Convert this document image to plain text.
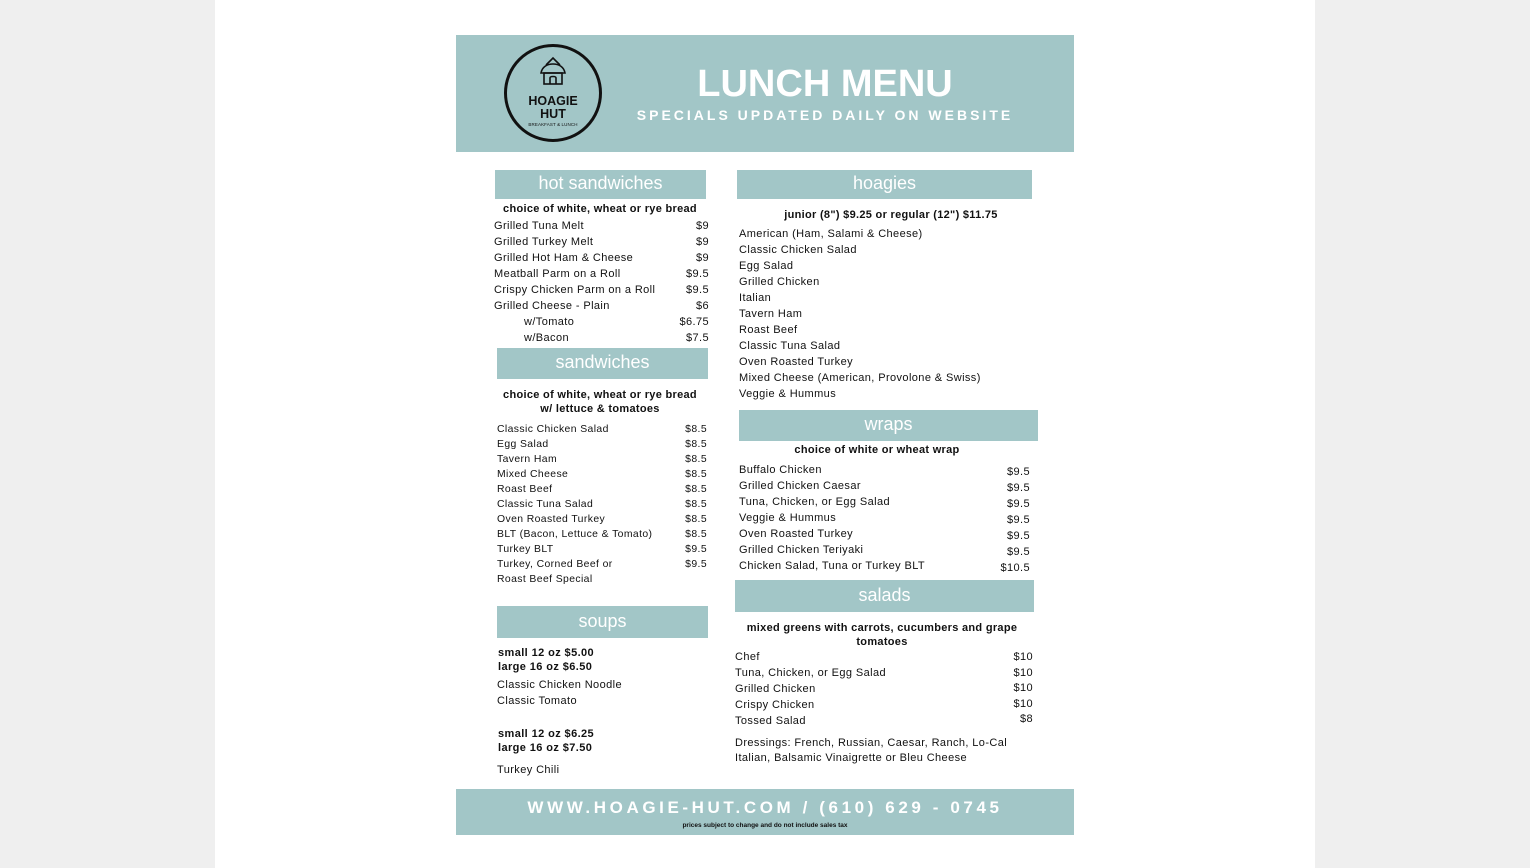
HOAGIE
HUT
BREAKFAST & LUNCH
LUNCH MENU
SPECIALS UPDATED DAILY ON WEBSITE
hot sandwiches
choice of white, wheat or rye bread
Grilled Tuna Melt	$9
Grilled Turkey Melt	$9
Grilled Hot Ham & Cheese	$9
Meatball Parm on a Roll	$9.5
Crispy Chicken Parm on a Roll	$9.5
Grilled Cheese - Plain	$6
w/Tomato	$6.75
w/Bacon	$7.5
sandwiches
choice of white, wheat or rye bread
w/ lettuce & tomatoes
Classic Chicken Salad	$8.5
Egg Salad	$8.5
Tavern Ham	$8.5
Mixed Cheese	$8.5
Roast Beef	$8.5
Classic Tuna Salad	$8.5
Oven Roasted Turkey	$8.5
BLT (Bacon, Lettuce & Tomato)	$8.5
Turkey BLT	$9.5
Turkey, Corned Beef or	$9.5
Roast Beef Special
soups
small 12 oz $5.00
large 16 oz $6.50
Classic Chicken Noodle
Classic Tomato
small 12 oz $6.25
large 16 oz $7.50
Turkey Chili
hoagies
junior (8") $9.25 or regular (12") $11.75
American (Ham, Salami & Cheese)
Classic Chicken Salad
Egg Salad
Grilled Chicken
Italian
Tavern Ham
Roast Beef
Classic Tuna Salad
Oven Roasted Turkey
Mixed Cheese (American, Provolone & Swiss)
Veggie & Hummus
wraps
choice of white or wheat wrap
Buffalo Chicken	$9.5
Grilled Chicken Caesar	$9.5
Tuna, Chicken, or Egg Salad	$9.5
Veggie & Hummus	$9.5
Oven Roasted Turkey	$9.5
Grilled Chicken Teriyaki	$9.5
Chicken Salad, Tuna or Turkey BLT	$10.5
salads
mixed greens with carrots, cucumbers and grape
tomatoes
Chef	$10
Tuna, Chicken, or Egg Salad	$10
Grilled Chicken	$10
Crispy Chicken	$10
Tossed Salad	$8
Dressings: French, Russian, Caesar, Ranch, Lo-Cal
Italian, Balsamic Vinaigrette or Bleu Cheese
WWW.HOAGIE-HUT.COM / (610) 629 - 0745
prices subject to change and do not include sales tax
